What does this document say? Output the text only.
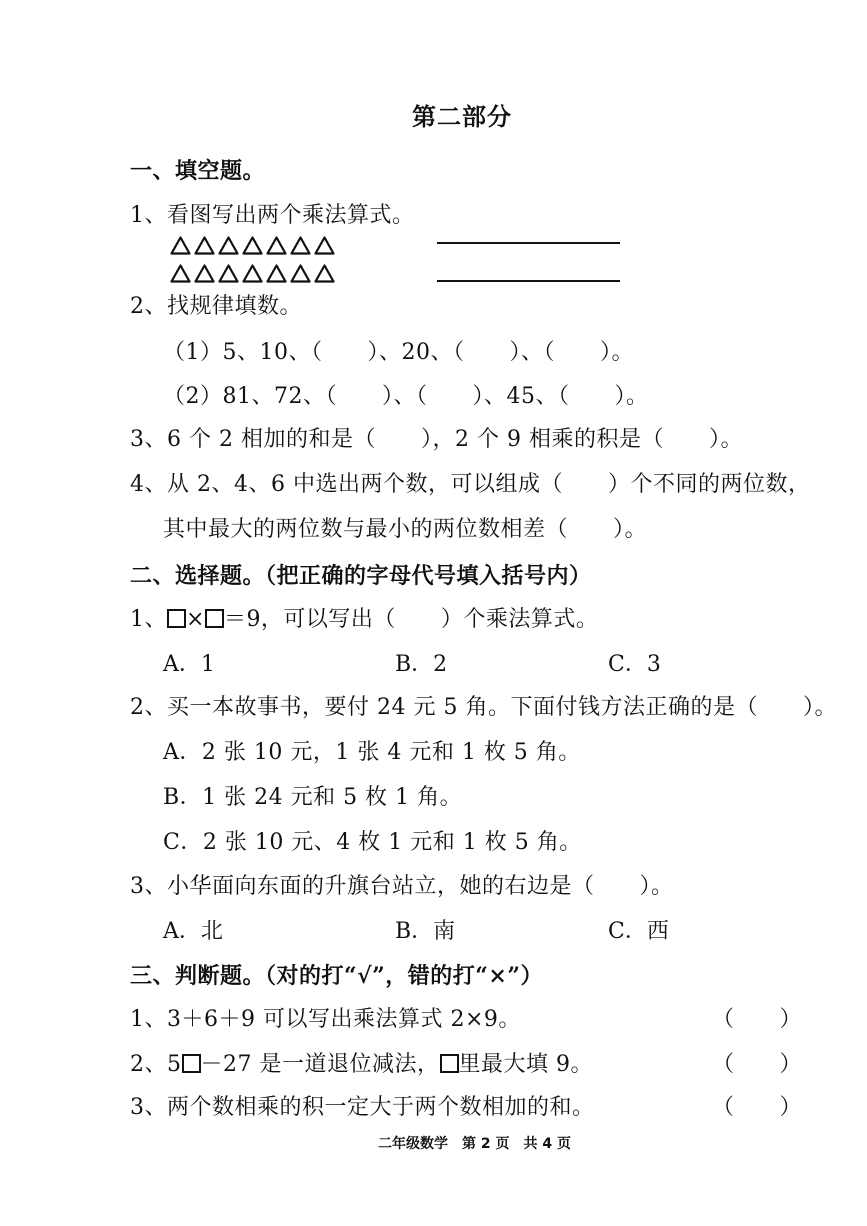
第二部分
一、填空题。
1、看图写出两个乘法算式。
2、找规律填数。
（1）5、10、（　　）、20、（　　）、（　　）。
（2）81、72、（　　）、（　　）、45、（　　）。
3、6 个 2 相加的和是（　　），2 个 9 相乘的积是（　　）。
4、从 2、4、6 中选出两个数，可以组成（　　）个不同的两位数，
其中最大的两位数与最小的两位数相差（　　）。
二、选择题。（把正确的字母代号填入括号内）
1、 × ＝9，可以写出（　　）个乘法算式。
A．1	B．2	C．3
2、买一本故事书，要付 24 元 5 角。下面付钱方法正确的是（　　）。
A．2 张 10 元，1 张 4 元和 1 枚 5 角。
B．1 张 24 元和 5 枚 1 角。
C．2 张 10 元、4 枚 1 元和 1 枚 5 角。
3、小华面向东面的升旗台站立，她的右边是（　　）。
A．北	B．南	C．西
三、判断题。（对的打“√”，错的打“×”）
1、3＋6＋9 可以写出乘法算式 2×9。	（　　）
2、5 －27 是一道退位减法， 里最大填 9。	（　　）
3、两个数相乘的积一定大于两个数相加的和。	（　　）
二年级数学　第 2 页　共 4 页
